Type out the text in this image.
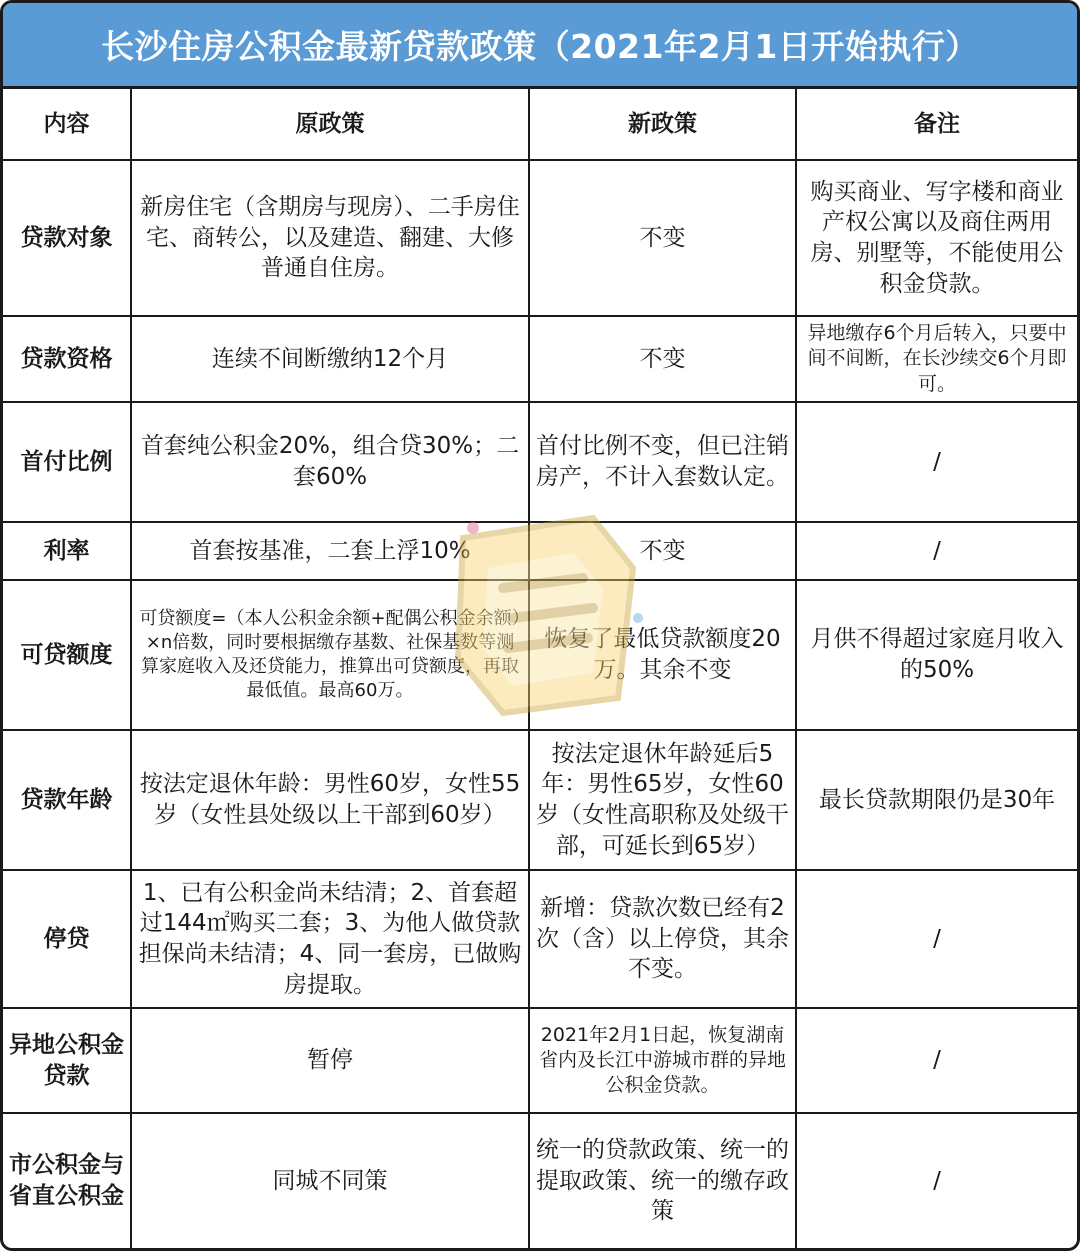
长沙住房公积金最新贷款政策（2021年2月1日开始执行）
内容	原政策	新政策	备注
贷款对象	新房住宅（含期房与现房）、二手房住宅、商转公，以及建造、翻建、大修普通自住房。	不变	购买商业、写字楼和商业产权公寓以及商住两用房、别墅等，不能使用公积金贷款。
贷款资格	连续不间断缴纳12个月	不变	异地缴存6个月后转入，只要中间不间断，在长沙续交6个月即可。
首付比例	首套纯公积金20%，组合贷30%；二套60%	首付比例不变，但已注销房产，不计入套数认定。	/
利率	首套按基准，二套上浮10%	不变	/
可贷额度	可贷额度=（本人公积金余额+配偶公积金余额）×n倍数，同时要根据缴存基数、社保基数等测算家庭收入及还贷能力，推算出可贷额度，再取最低值。最高60万。	恢复了最低贷款额度20万。其余不变	月供不得超过家庭月收入的50%
贷款年龄	按法定退休年龄：男性60岁，女性55岁（女性县处级以上干部到60岁）	按法定退休年龄延后5年：男性65岁，女性60岁（女性高职称及处级干部，可延长到65岁）	最长贷款期限仍是30年
停贷	1、已有公积金尚未结清；2、首套超过144㎡购买二套；3、为他人做贷款担保尚未结清；4、同一套房，已做购房提取。	新增：贷款次数已经有2次（含）以上停贷，其余不变。	/
异地公积金贷款	暂停	2021年2月1日起，恢复湖南省内及长江中游城市群的异地公积金贷款。	/
市公积金与省直公积金	同城不同策	统一的贷款政策、统一的提取政策、统一的缴存政策	/
